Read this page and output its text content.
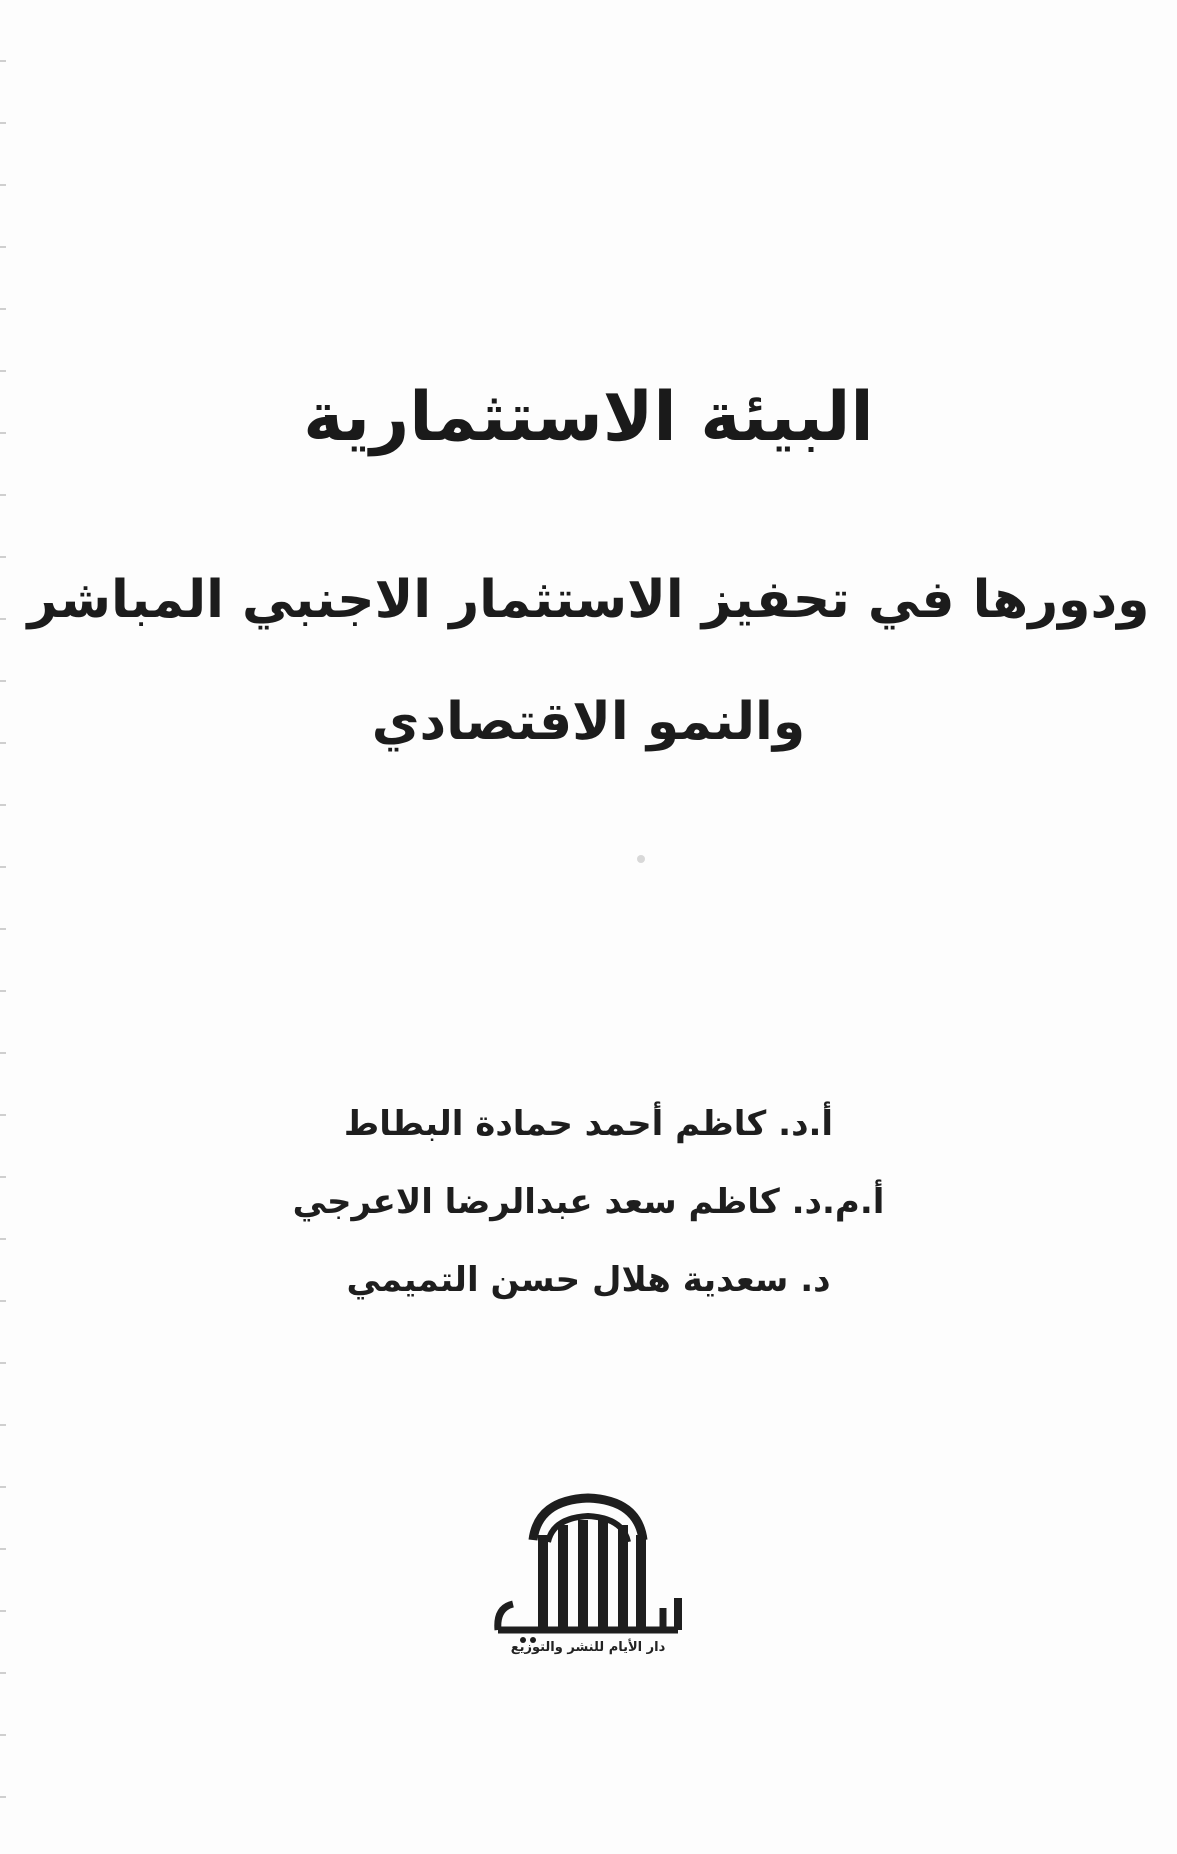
البيئة الاستثمارية
ودورها في تحفيز الاستثمار الاجنبي المباشر
والنمو الاقتصادي
أ.د. كاظم أحمد حمادة البطاط
أ.م.د. كاظم سعد عبدالرضا الاعرجي
د. سعدية هلال حسن التميمي
دار الأيام للنشر والتوزيع
